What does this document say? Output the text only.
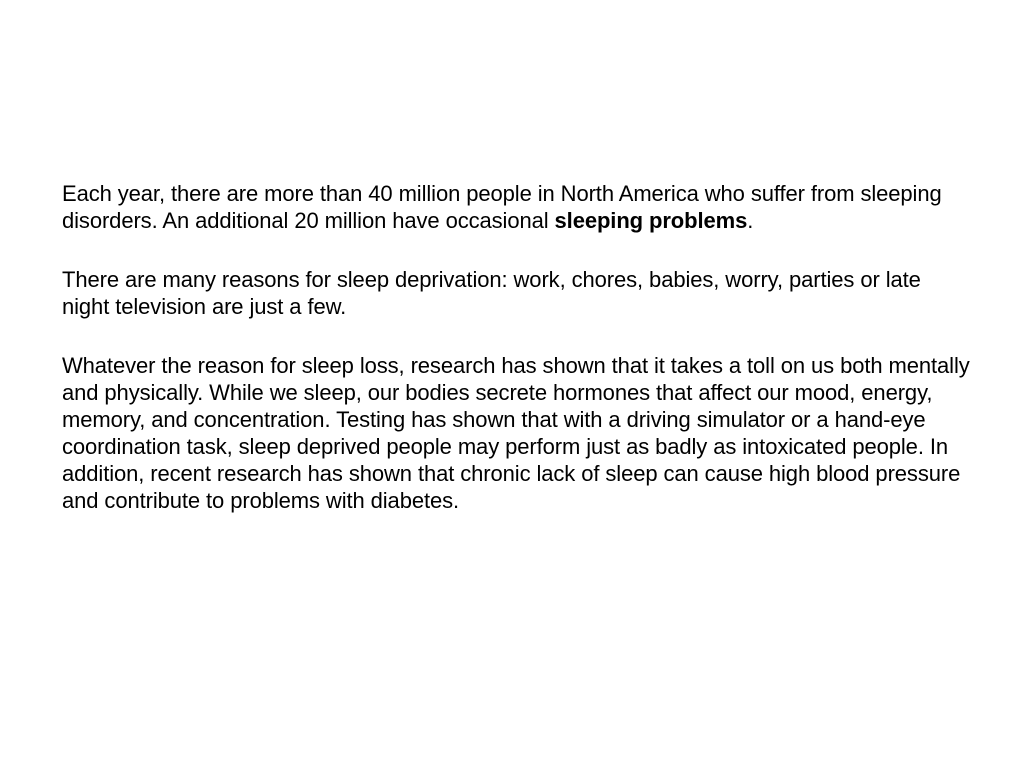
Each year, there are more than 40 million people in North America who suffer from sleeping disorders. An additional 20 million have occasional sleeping problems.

There are many reasons for sleep deprivation: work, chores, babies, worry, parties or late night television are just a few.

Whatever the reason for sleep loss, research has shown that it takes a toll on us both mentally and physically. While we sleep, our bodies secrete hormones that affect our mood, energy, memory, and concentration. Testing has shown that with a driving simulator or a hand-eye coordination task, sleep deprived people may perform just as badly as intoxicated people. In addition, recent research has shown that chronic lack of sleep can cause high blood pressure and contribute to problems with diabetes.
